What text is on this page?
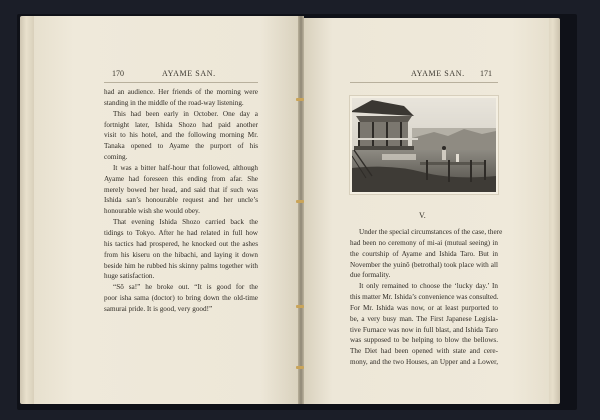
170	AYAME SAN.
had an audience. Her friends of the morning were
standing in the middle of the road-way listening.
This had been early in October. One day a
fortnight later, Ishida Shozo had paid another
visit to his hotel, and the following morning Mr.
Tanaka opened to Ayame the purport of his
coming.
It was a bitter half-hour that followed, although
Ayame had foreseen this ending from afar. She
merely bowed her head, and said that if such was
Ishida san’s honourable request and her uncle’s
honourable wish she would obey.
That evening Ishida Shozo carried back the
tidings to Tokyo. After he had related in full how
his tactics had prospered, he knocked out the ashes
from his kiseru on the hibachi, and laying it down
beside him he rubbed his skinny palms together with
huge satisfaction.
“Sō sa!” he broke out. “It is good for the
poor isha sama (doctor) to bring down the old-time
samurai pride. It is good, very good!”
AYAME SAN. 171
V.
Under the special circumstances of the case, there
had been no ceremony of mi-ai (mutual seeing) in
the courtship of Ayame and Ishida Taro. But in
November the yuinō (betrothal) took place with all
due formality.
It only remained to choose the ‘lucky day.’ In
this matter Mr. Ishida’s convenience was consulted.
For Mr. Ishida was now, or at least purported to
be, a very busy man. The First Japanese Legisla-
tive Furnace was now in full blast, and Ishida Taro
was supposed to be helping to blow the bellows.
The Diet had been opened with state and cere-
mony, and the two Houses, an Upper and a Lower,
